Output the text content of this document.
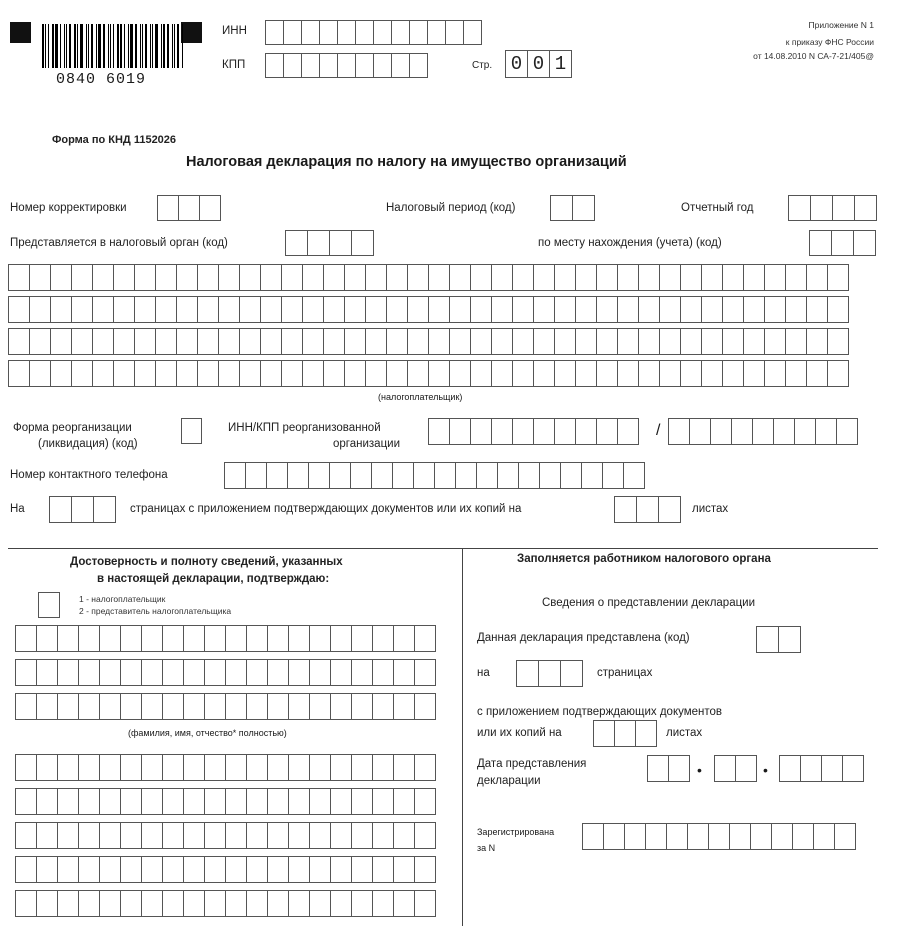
0840 6019
ИНН
КПП	Стр. 0 0 1
Приложение N 1
к приказу ФНС России
от 14.08.2010 N СА-7-21/405@
Форма по КНД 1152026
Налоговая декларация по налогу на имущество организаций
Номер корректировки	Налоговый период (код)	Отчетный год
Представляется в налоговый орган (код)	по месту нахождения (учета) (код)
(налогоплательщик)
Форма реорганизации
(ликвидация) (код)
ИНН/КПП реорганизованной
организации
/
Номер контактного телефона
На	страницах с приложением подтверждающих документов или их копий на	листах
Достоверность и полноту сведений, указанных
в настоящей декларации, подтверждаю:
1 - налогоплательщик
2 - представитель налогоплательщика
(фамилия, имя, отчество* полностью)
Заполняется работником налогового органа
Сведения о представлении декларации
Данная декларация представлена (код)
на	страницах
с приложением подтверждающих документов
или их копий на	листах
Дата представления
декларации
•	•
Зарегистрирована
за N
